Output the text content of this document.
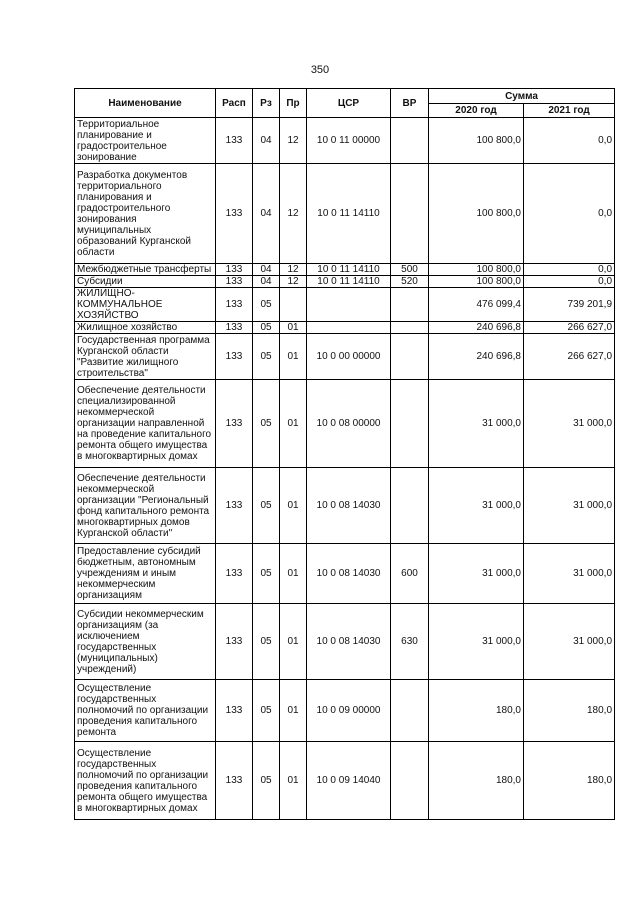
350
Наименование	Расп	Рз	Пр	ЦСР	ВР	Сумма	
						2020 год	2021 год
Территориальное планирование и градостроительное зонирование	133	04	12	10 0 11 00000		100 800,0	0,0
Разработка документов территориального планирования и градостроительного зонирования муниципальных образований Курганской области	133	04	12	10 0 11 14110		100 800,0	0,0
Межбюджетные трансферты	133	04	12	10 0 11 14110	500	100 800,0	0,0
Субсидии	133	04	12	10 0 11 14110	520	100 800,0	0,0
ЖИЛИЩНО-КОММУНАЛЬНОЕ ХОЗЯЙСТВО	133	05				476 099,4	739 201,9
Жилищное хозяйство	133	05	01			240 696,8	266 627,0
Государственная программа Курганской области "Развитие жилищного строительства"	133	05	01	10 0 00 00000		240 696,8	266 627,0
Обеспечение деятельности специализированной некоммерческой организации направленной на проведение капитального ремонта общего имущества в многоквартирных домах	133	05	01	10 0 08 00000		31 000,0	31 000,0
Обеспечение деятельности некоммерческой организации "Региональный фонд капитального ремонта многоквартирных домов Курганской области"	133	05	01	10 0 08 14030		31 000,0	31 000,0
Предоставление субсидий бюджетным, автономным учреждениям и иным некоммерческим организациям	133	05	01	10 0 08 14030	600	31 000,0	31 000,0
Субсидии некоммерческим организациям (за исключением государственных (муниципальных) учреждений)	133	05	01	10 0 08 14030	630	31 000,0	31 000,0
Осуществление государственных полномочий по организации проведения капитального ремонта	133	05	01	10 0 09 00000		180,0	180,0
Осуществление государственных полномочий по организации проведения капитального ремонта общего имущества в многоквартирных домах	133	05	01	10 0 09 14040		180,0	180,0
